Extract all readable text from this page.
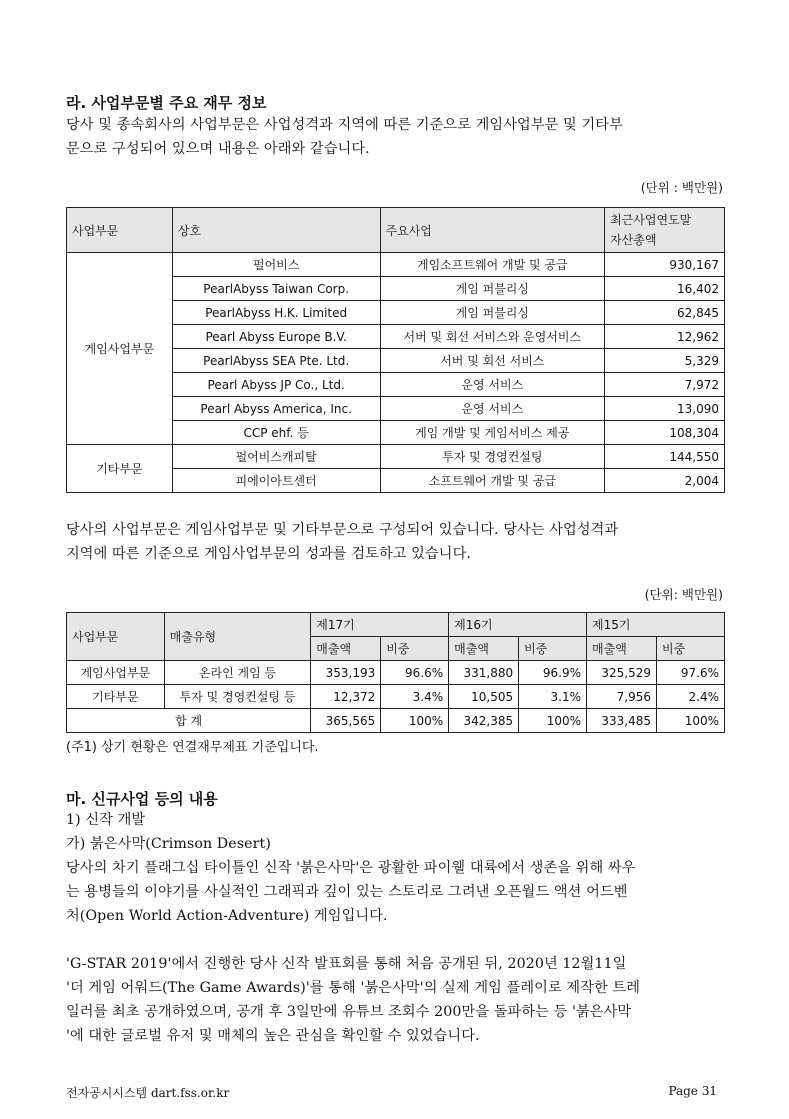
라. 사업부문별 주요 재무 정보
당사 및 종속회사의 사업부문은 사업성격과 지역에 따른 기준으로 게임사업부문 및 기타부
문으로 구성되어 있으며 내용은 아래와 같습니다.
(단위 : 백만원)
사업부문	상호	주요사업	최근사업연도말
자산총액
게임사업부문	펄어비스	게임소프트웨어 개발 및 공급	930,167
	PearlAbyss Taiwan Corp.	게임 퍼블리싱	16,402
	PearlAbyss H.K. Limited	게임 퍼블리싱	62,845
	Pearl Abyss Europe B.V.	서버 및 회선 서비스와 운영서비스	12,962
	PearlAbyss SEA Pte. Ltd.	서버 및 회선 서비스	5,329
	Pearl Abyss JP Co., Ltd.	운영 서비스	7,972
	Pearl Abyss America, Inc.	운영 서비스	13,090
	CCP ehf. 등	게임 개발 및 게임서비스 제공	108,304
기타부문	펄어비스캐피탈	투자 및 경영컨설팅	144,550
	피에이아트센터	소프트웨어 개발 및 공급	2,004
당사의 사업부문은 게임사업부문 및 기타부문으로 구성되어 있습니다. 당사는 사업성격과
지역에 따른 기준으로 게임사업부문의 성과를 검토하고 있습니다.
(단위: 백만원)
사업부문	매출유형	제17기		제16기		제15기	
		매출액	비중	매출액	비중	매출액	비중
게임사업부문	온라인 게임 등	353,193	96.6%	331,880	96.9%	325,529	97.6%
기타부문	투자 및 경영컨설팅 등	12,372	3.4%	10,505	3.1%	7,956	2.4%
합 계		365,565	100%	342,385	100%	333,485	100%
(주1) 상기 현황은 연결재무제표 기준입니다.
마. 신규사업 등의 내용
1) 신작 개발
가) 붉은사막(Crimson Desert)
당사의 차기 플래그십 타이틀인 신작 '붉은사막'은 광활한 파이웰 대륙에서 생존을 위해 싸우
는 용병들의 이야기를 사실적인 그래픽과 깊이 있는 스토리로 그려낸 오픈월드 액션 어드벤
처(Open World Action-Adventure) 게임입니다.
'G-STAR 2019'에서 진행한 당사 신작 발표회를 통해 처음 공개된 뒤, 2020년 12월11일
'더 게임 어워드(The Game Awards)'를 통해 '붉은사막'의 실제 게임 플레이로 제작한 트레
일러를 최초 공개하였으며, 공개 후 3일만에 유튜브 조회수 200만을 돌파하는 등 '붉은사막
'에 대한 글로벌 유저 및 매체의 높은 관심을 확인할 수 있었습니다.
전자공시시스템 dart.fss.or.kr	Page 31
